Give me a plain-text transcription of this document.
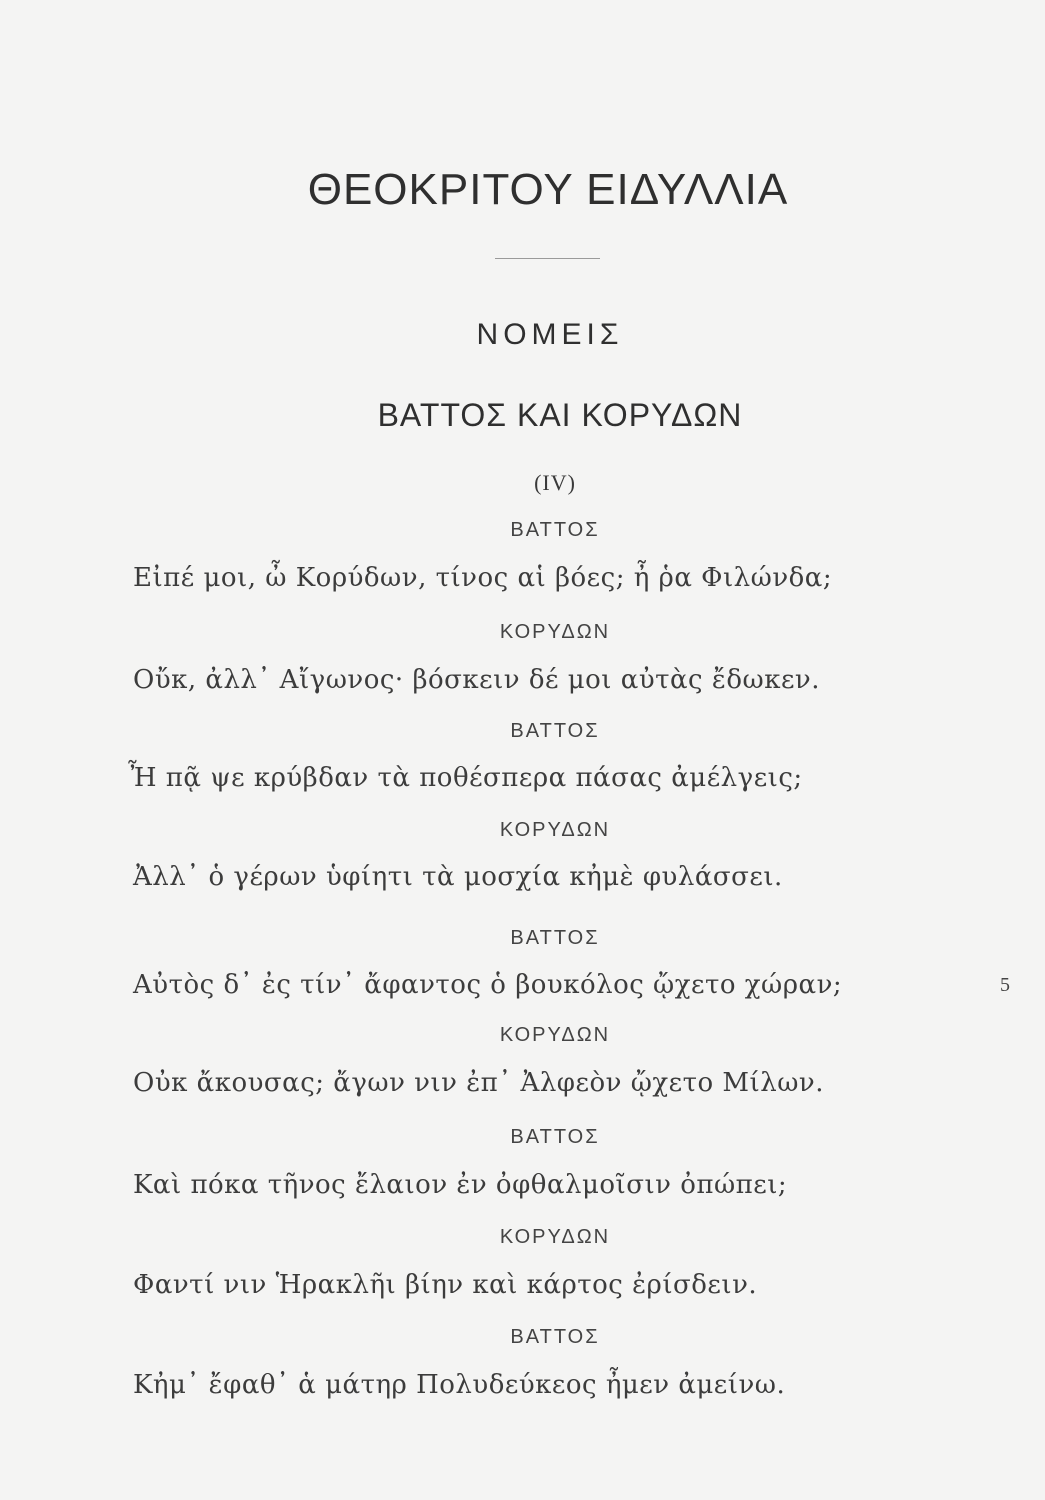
ΘΕΟΚΡΙΤΟΥ ΕΙΔΥΛΛΙΑ
ΝΟΜΕΙΣ
ΒΑΤΤΟΣ ΚΑΙ ΚΟΡΥΔΩΝ
(IV)
ΒΑΤΤΟΣ
Εἰπέ μοι, ὦ Κορύδων, τίνος αἱ βόες; ἦ ῥα Φιλώνδα;
ΚΟΡΥΔΩΝ
Οὔκ, ἀλλ᾽ Αἴγωνος· βόσκειν δέ μοι αὐτὰς ἔδωκεν.
ΒΑΤΤΟΣ
Ἦ πᾷ ψε κρύβδαν τὰ ποθέσπερα πάσας ἀμέλγεις;
ΚΟΡΥΔΩΝ
Ἀλλ᾽ ὁ γέρων ὑφίητι τὰ μοσχία κἠμὲ φυλάσσει.
ΒΑΤΤΟΣ
Αὐτὸς δ᾽ ἐς τίν᾽ ἄφαντος ὁ βουκόλος ᾤχετο χώραν;	5
ΚΟΡΥΔΩΝ
Οὐκ ἄκουσας; ἄγων νιν ἐπ᾽ Ἀλφεὸν ᾤχετο Μίλων.
ΒΑΤΤΟΣ
Καὶ πόκα τῆνος ἔλαιον ἐν ὀφθαλμοῖσιν ὀπώπει;
ΚΟΡΥΔΩΝ
Φαντί νιν Ἡρακλῆι βίην καὶ κάρτος ἐρίσδειν.
ΒΑΤΤΟΣ
Κἠμ᾽ ἔφαθ᾽ ἁ μάτηρ Πολυδεύκεος ἦμεν ἀμείνω.
